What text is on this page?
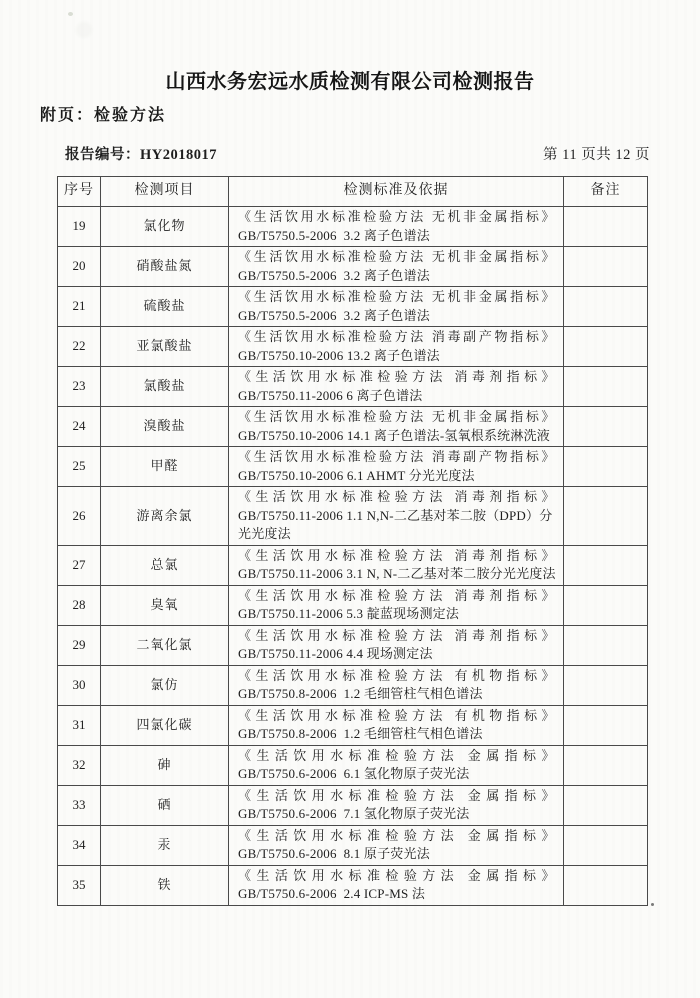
山西水务宏远水质检测有限公司检测报告
附页：检验方法
报告编号：HY2018017	第 11 页共 12 页
序号	检测项目	检测标准及依据	备注
19	氯化物	《生活饮用水标准检验方法 无机非金属指标》
GB/T5750.5-2006  3.2 离子色谱法	

20	硝酸盐氮	《生活饮用水标准检验方法 无机非金属指标》
GB/T5750.5-2006  3.2 离子色谱法	

21	硫酸盐	《生活饮用水标准检验方法 无机非金属指标》
GB/T5750.5-2006  3.2 离子色谱法	

22	亚氯酸盐	《生活饮用水标准检验方法 消毒副产物指标》
GB/T5750.10-2006 13.2 离子色谱法	

23	氯酸盐	《生活饮用水标准检验方法 消毒剂指标》
GB/T5750.11-2006 6 离子色谱法	

24	溴酸盐	《生活饮用水标准检验方法 无机非金属指标》
GB/T5750.10-2006 14.1 离子色谱法-氢氧根系统淋洗液	

25	甲醛	《生活饮用水标准检验方法 消毒副产物指标》
GB/T5750.10-2006 6.1 AHMT 分光光度法	

26	游离余氯	《生活饮用水标准检验方法 消毒剂指标》
GB/T5750.11-2006 1.1 N,N-二乙基对苯二胺（DPD）分光光度法	

27	总氯	《生活饮用水标准检验方法 消毒剂指标》
GB/T5750.11-2006 3.1 N, N-二乙基对苯二胺分光光度法	

28	臭氧	《生活饮用水标准检验方法 消毒剂指标》
GB/T5750.11-2006 5.3 靛蓝现场测定法	

29	二氧化氯	《生活饮用水标准检验方法 消毒剂指标》
GB/T5750.11-2006 4.4 现场测定法	

30	氯仿	《生活饮用水标准检验方法 有机物指标》
GB/T5750.8-2006  1.2 毛细管柱气相色谱法	

31	四氯化碳	《生活饮用水标准检验方法 有机物指标》
GB/T5750.8-2006  1.2 毛细管柱气相色谱法	

32	砷	《生活饮用水标准检验方法 金属指标》
GB/T5750.6-2006  6.1 氢化物原子荧光法	

33	硒	《生活饮用水标准检验方法 金属指标》
GB/T5750.6-2006  7.1 氢化物原子荧光法	

34	汞	《生活饮用水标准检验方法 金属指标》
GB/T5750.6-2006  8.1 原子荧光法	

35	铁	《生活饮用水标准检验方法 金属指标》
GB/T5750.6-2006  2.4 ICP-MS 法	
